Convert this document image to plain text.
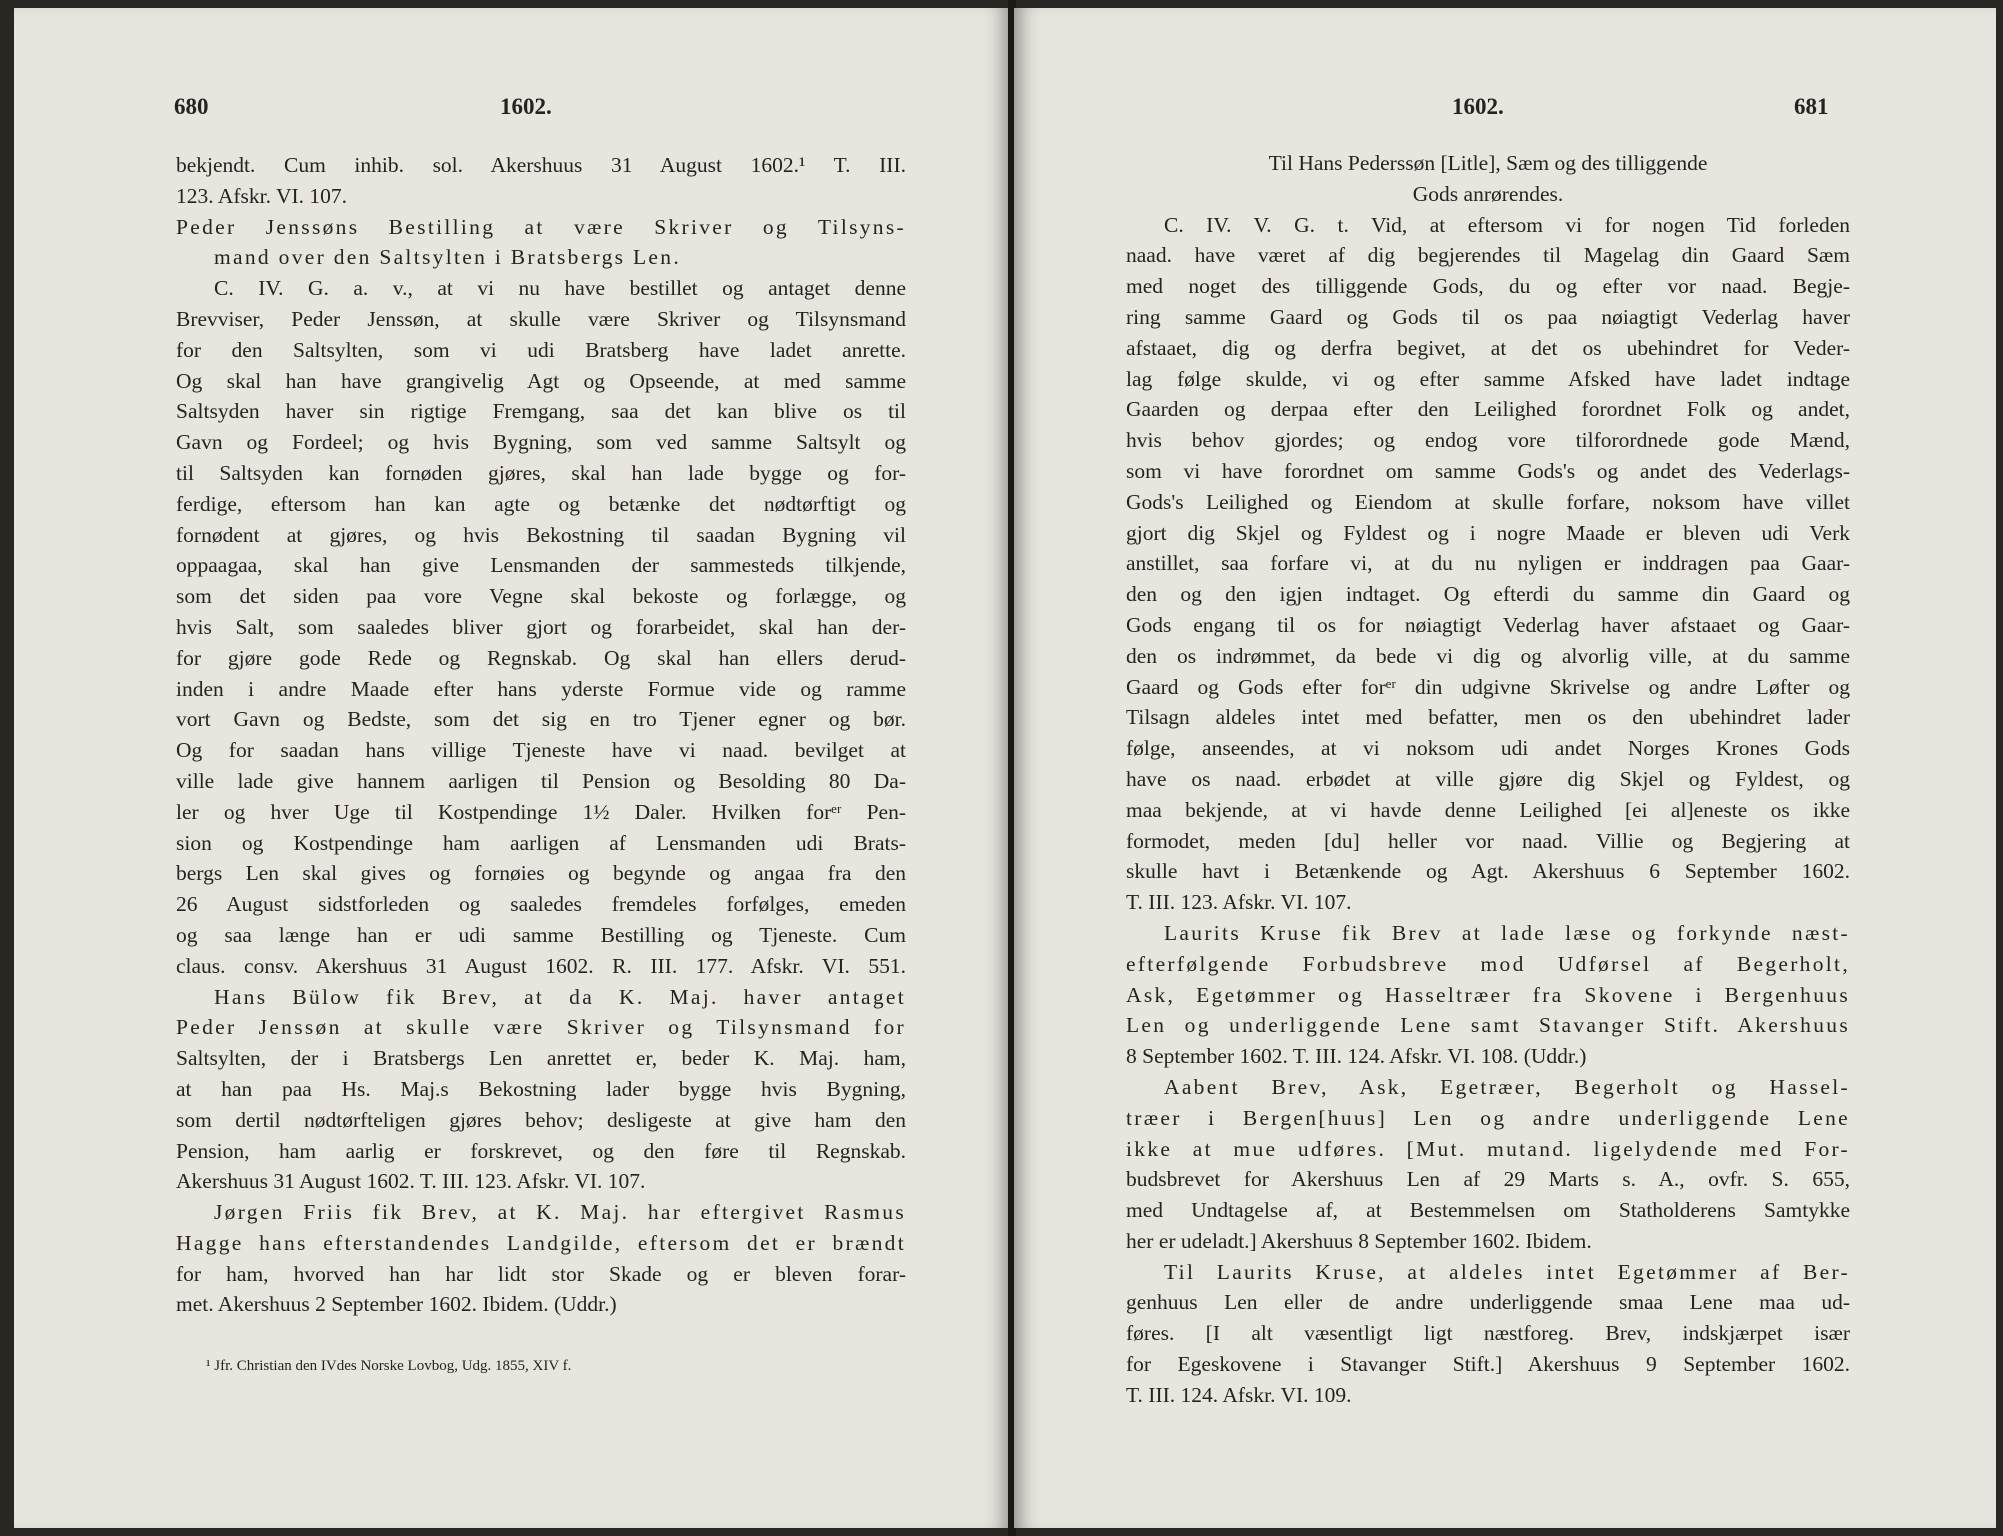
680	1602.
bekjendt. Cum inhib. sol. Akershuus 31 August 1602.¹ T. III.
123. Afskr. VI. 107.
Peder Jenssøns Bestilling at være Skriver og Tilsyns-
mand over den Saltsylten i Bratsbergs Len.
C. IV. G. a. v., at vi nu have bestillet og antaget denne
Brevviser, Peder Jenssøn, at skulle være Skriver og Tilsynsmand
for den Saltsylten, som vi udi Bratsberg have ladet anrette.
Og skal han have grangivelig Agt og Opseende, at med samme
Saltsyden haver sin rigtige Fremgang, saa det kan blive os til
Gavn og Fordeel; og hvis Bygning, som ved samme Saltsylt og
til Saltsyden kan fornøden gjøres, skal han lade bygge og for-
ferdige, eftersom han kan agte og betænke det nødtørftigt og
fornødent at gjøres, og hvis Bekostning til saadan Bygning vil
oppaagaa, skal han give Lensmanden der sammesteds tilkjende,
som det siden paa vore Vegne skal bekoste og forlægge, og
hvis Salt, som saaledes bliver gjort og forarbeidet, skal han der-
for gjøre gode Rede og Regnskab. Og skal han ellers derud-
inden i andre Maade efter hans yderste Formue vide og ramme
vort Gavn og Bedste, som det sig en tro Tjener egner og bør.
Og for saadan hans villige Tjeneste have vi naad. bevilget at
ville lade give hannem aarligen til Pension og Besolding 80 Da-
ler og hver Uge til Kostpendinge 1½ Daler. Hvilken forᵉʳ Pen-
sion og Kostpendinge ham aarligen af Lensmanden udi Brats-
bergs Len skal gives og fornøies og begynde og angaa fra den
26 August sidstforleden og saaledes fremdeles forfølges, emeden
og saa længe han er udi samme Bestilling og Tjeneste. Cum
claus. consv. Akershuus 31 August 1602. R. III. 177. Afskr. VI. 551.
Hans Bülow fik Brev, at da K. Maj. haver antaget
Peder Jenssøn at skulle være Skriver og Tilsynsmand for
Saltsylten, der i Bratsbergs Len anrettet er, beder K. Maj. ham,
at han paa Hs. Maj.s Bekostning lader bygge hvis Bygning,
som dertil nødtørfteligen gjøres behov; desligeste at give ham den
Pension, ham aarlig er forskrevet, og den føre til Regnskab.
Akershuus 31 August 1602. T. III. 123. Afskr. VI. 107.
Jørgen Friis fik Brev, at K. Maj. har eftergivet Rasmus
Hagge hans efterstandendes Landgilde, eftersom det er brændt
for ham, hvorved han har lidt stor Skade og er bleven forar-
met. Akershuus 2 September 1602. Ibidem. (Uddr.)
¹ Jfr. Christian den IVdes Norske Lovbog, Udg. 1855, XIV f.
1602.	681
Til Hans Pederssøn [Litle], Sæm og des tilliggende
Gods anrørendes.
C. IV. V. G. t. Vid, at eftersom vi for nogen Tid forleden
naad. have været af dig begjerendes til Magelag din Gaard Sæm
med noget des tilliggende Gods, du og efter vor naad. Begje-
ring samme Gaard og Gods til os paa nøiagtigt Vederlag haver
afstaaet, dig og derfra begivet, at det os ubehindret for Veder-
lag følge skulde, vi og efter samme Afsked have ladet indtage
Gaarden og derpaa efter den Leilighed forordnet Folk og andet,
hvis behov gjordes; og endog vore tilforordnede gode Mænd,
som vi have forordnet om samme Gods's og andet des Vederlags-
Gods's Leilighed og Eiendom at skulle forfare, noksom have villet
gjort dig Skjel og Fyldest og i nogre Maade er bleven udi Verk
anstillet, saa forfare vi, at du nu nyligen er inddragen paa Gaar-
den og den igjen indtaget. Og efterdi du samme din Gaard og
Gods engang til os for nøiagtigt Vederlag haver afstaaet og Gaar-
den os indrømmet, da bede vi dig og alvorlig ville, at du samme
Gaard og Gods efter forᵉʳ din udgivne Skrivelse og andre Løfter og
Tilsagn aldeles intet med befatter, men os den ubehindret lader
følge, anseendes, at vi noksom udi andet Norges Krones Gods
have os naad. erbødet at ville gjøre dig Skjel og Fyldest, og
maa bekjende, at vi havde denne Leilighed [ei al]eneste os ikke
formodet, meden [du] heller vor naad. Villie og Begjering at
skulle havt i Betænkende og Agt. Akershuus 6 September 1602.
T. III. 123. Afskr. VI. 107.
Laurits Kruse fik Brev at lade læse og forkynde næst-
efterfølgende Forbudsbreve mod Udførsel af Begerholt,
Ask, Egetømmer og Hasseltræer fra Skovene i Bergenhuus
Len og underliggende Lene samt Stavanger Stift. Akershuus
8 September 1602. T. III. 124. Afskr. VI. 108. (Uddr.)
Aabent Brev, Ask, Egetræer, Begerholt og Hassel-
træer i Bergen[huus] Len og andre underliggende Lene
ikke at mue udføres. [Mut. mutand. ligelydende med For-
budsbrevet for Akershuus Len af 29 Marts s. A., ovfr. S. 655,
med Undtagelse af, at Bestemmelsen om Statholderens Samtykke
her er udeladt.] Akershuus 8 September 1602. Ibidem.
Til Laurits Kruse, at aldeles intet Egetømmer af Ber-
genhuus Len eller de andre underliggende smaa Lene maa ud-
føres. [I alt væsentligt ligt næstforeg. Brev, indskjærpet især
for Egeskovene i Stavanger Stift.] Akershuus 9 September 1602.
T. III. 124. Afskr. VI. 109.
